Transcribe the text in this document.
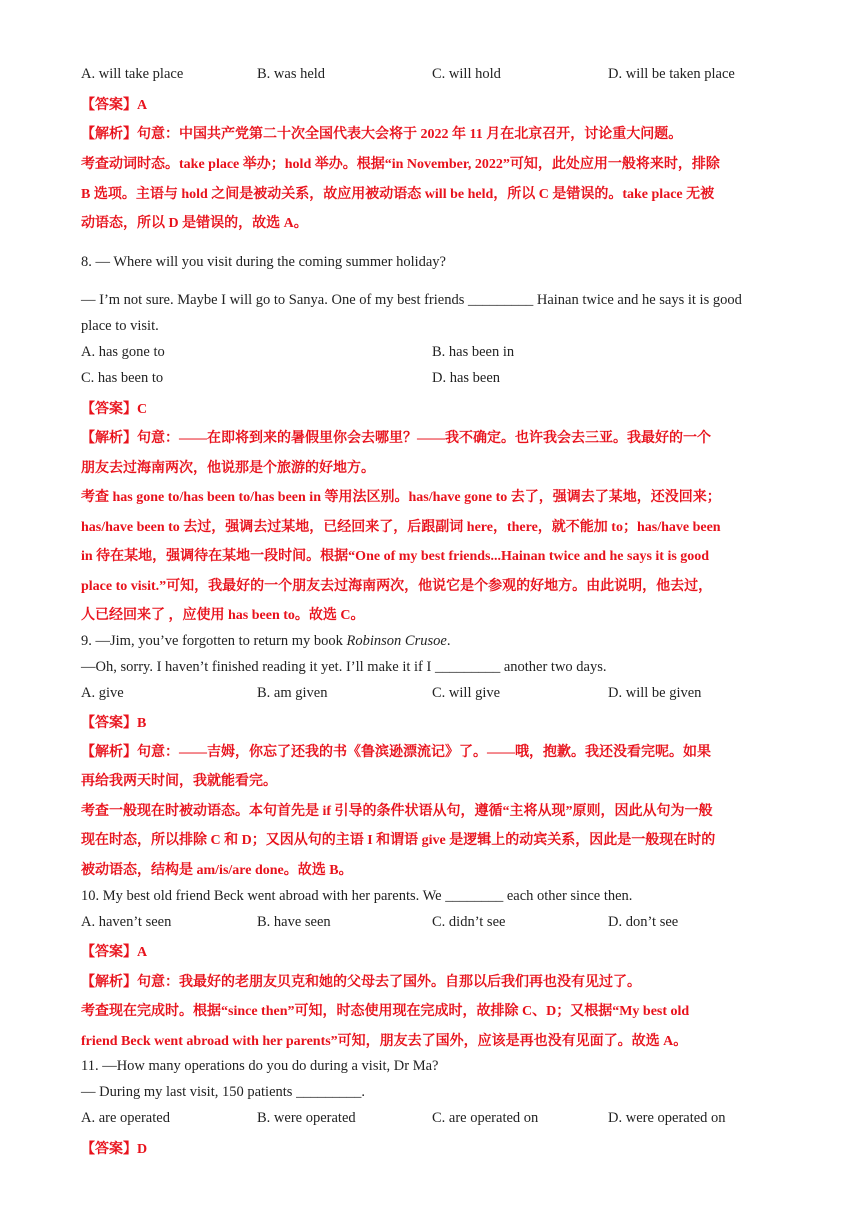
A. will take place	B. was held	C. will hold	D. will be taken place
【答案】A
【解析】句意：中国共产党第二十次全国代表大会将于 2022 年 11 月在北京召开，讨论重大问题。
考查动词时态。take place 举办；hold 举办。根据“in November, 2022”可知，此处应用一般将来时，排除
B 选项。主语与 hold 之间是被动关系，故应用被动语态 will be held，所以 C 是错误的。take place 无被
动语态，所以 D 是错误的，故选 A。
8. — Where will you visit during the coming summer holiday?
— I’m not sure. Maybe I will go to Sanya. One of my best friends _________ Hainan twice and he says it is good
place to visit.
A. has gone to	B. has been in
C. has been to	D. has been
【答案】C
【解析】句意：——在即将到来的暑假里你会去哪里？——我不确定。也许我会去三亚。我最好的一个
朋友去过海南两次，他说那是个旅游的好地方。
考查 has gone to/has been to/has been in 等用法区别。has/have gone to 去了，强调去了某地，还没回来；
has/have been to 去过，强调去过某地，已经回来了，后跟副词 here，there，就不能加 to；has/have been
in 待在某地，强调待在某地一段时间。根据“One of my best friends...Hainan twice and he says it is good
place to visit.”可知，我最好的一个朋友去过海南两次，他说它是个参观的好地方。由此说明，他去过，
人已经回来了 ，应使用 has been to。故选 C。
9. —Jim, you’ve forgotten to return my book Robinson Crusoe.
—Oh, sorry. I haven’t finished reading it yet. I’ll make it if I _________ another two days.
A. give	B. am given	C. will give	D. will be given
【答案】B
【解析】句意：——吉姆，你忘了还我的书《鲁滨逊漂流记》了。——哦，抱歉。我还没看完呢。如果
再给我两天时间，我就能看完。
考查一般现在时被动语态。本句首先是 if 引导的条件状语从句，遵循“主将从现”原则，因此从句为一般
现在时态，所以排除 C 和 D；又因从句的主语 I 和谓语 give 是逻辑上的动宾关系，因此是一般现在时的
被动语态，结构是 am/is/are done。故选 B。
10. My best old friend Beck went abroad with her parents. We ________ each other since then.
A. haven’t seen	B. have seen	C. didn’t see	D. don’t see
【答案】A
【解析】句意：我最好的老朋友贝克和她的父母去了国外。自那以后我们再也没有见过了。
考查现在完成时。根据“since then”可知，时态使用现在完成时，故排除 C、D；又根据“My best old
friend Beck went abroad with her parents”可知，朋友去了国外，应该是再也没有见面了。故选 A。
11. —How many operations do you do during a visit, Dr Ma?
— During my last visit, 150 patients _________.
A. are operated	B. were operated	C. are operated on	D. were operated on
【答案】D
